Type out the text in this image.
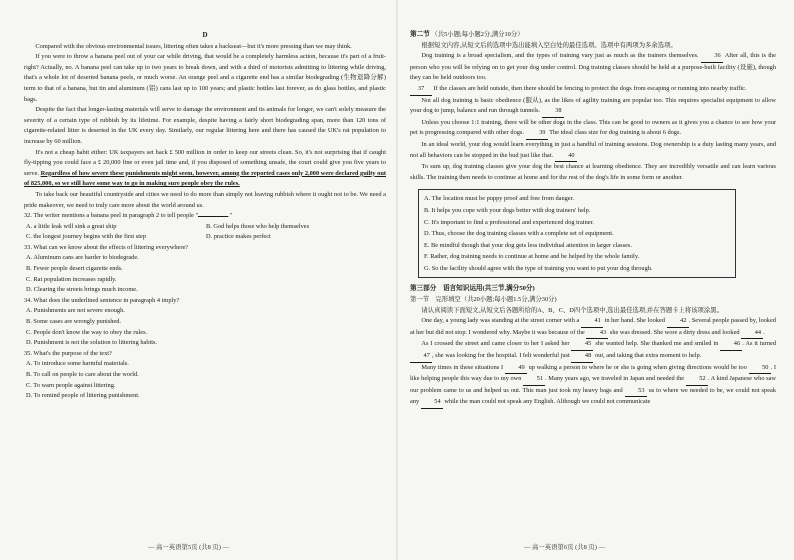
D

Compared with the obvious environmental issues, littering often takes a backseat—but it's more pressing than we may think.

If you were to throw a banana peel out of your car while driving, that would be a completely harmless action, because it's part of a fruit-right? Actually, no. A banana peel can take up to two years to break down, and with a third of motorists admitting to littering while driving, that's a whole lot of deserted banana peels, or much worse. An orange peel and a cigarette end has a similar biodegrading (生物退降分解) term to that of a banana, but tin and aluminum (铝) cans last up to 100 years; and plastic bottles last forever, as do glass bottles, and plastic bags.

Despite the fact that longer-lasting materials will serve to damage the environment and its animals for longer, we can't solely measure the severity of a certain type of rubbish by its lifetime. For example, despite having a fairly short biodegrading span, more than 120 tons of cigarette-related litter is deserted in the UK every day. Similarly, our regular littering here and there has caused the UK's rat population to increase by 60 million.

It's not a cheap habit either: UK taxpayers set back £ 500 million in order to keep our streets clean. So, it's not surprising that if caught fly-tipping you could face a £ 20,000 fine or even jail time and, if you disposed of something unsafe, the court could give you five years to serve. Regardless of how severe these punishments might seem, however, among the reported cases only 2,000 were declared guilty out of 825,000, so we still have some way to go in making sure people obey the rules.

To take back our beautiful countryside and cities we need to do more than simply not leaving rubbish where it ought not to be. We need a pride makeover, we need to truly care more about the world around us.

32. The writer mentions a banana peel in paragraph 2 to tell people "	."
A. a little leak will sink a great ship	B. God helps those who help themselves
C. the longest journey begins with the first step	D. practice makes perfect
33. What can we know about the effects of littering everywhere?
A. Aluminum cans are harder to biodegrade.
B. Fewer people desert cigarette ends.
C. Rat population increases rapidly.
D. Clearing the streets brings much income.
34. What does the underlined sentence in paragraph 4 imply?
A. Punishments are not severe enough.
B. Some cases are wrongly punished.
C. People don't know the way to obey the rules.
D. Punishment is not the solution to littering habits.
35. What's the purpose of the text?
A. To introduce some harmful materials.
B. To call on people to care about the world.
C. To warn people against littering.
D. To remind people of littering punishment.
— 高一英语第5页 (共8 页) —

第二节 （共5小题;每小题2分,满分10分）

根据短文内容,从短文后的选项中选出能填入空白处的最佳选项。选项中有两项为多余选项。

Dog training is a broad specialism, and the types of training vary just as much as the trainers themselves. 36 After all, this is the person who you will be relying on to get your dog under control. Dog training classes should be held at a purpose-built facility (设施), though they can be held outdoors too.

37 If the classes are held outside, then there should be fencing to protect the dogs from escaping or running into nearby traffic.

Not all dog training is basic obedience (服从), as the likes of agility training are popular too. This requires specialist equipment to allow your dog to jump, balance and run through tunnels. 38

Unless you choose 1:1 training, there will be other dogs in the class. This can be good to owners as it gives you a chance to see how your pet is progressing compared with other dogs. 39 The ideal class size for dog training is about 6 dogs.

In an ideal world, your dog would learn everything in just a handful of training sessions. Dog ownership is a duty lasting many years, and not all behaviors can be stopped in the bud just like that. 40

To sum up, dog training classes give your dog the best chance at learning obedience. They are incredibly versatile and can learn various skills. The training then needs to continue at home and for the rest of the dog's life in some form or another.

A. The location must be puppy proof and free from danger.
B. It helps you cope with your dogs better with dog trainers' help.
C. It's important to find a professional and experienced dog trainer.
D. Thus, choose the dog training classes with a complete set of equipment.
E. Be mindful though that your dog gets less individual attention in larger classes.
F. Rather, dog training needs to continue at home and be helped by the whole family.
G. So the facility should agree with the type of training you want to put your dog through.

第三部分　语言知识运用(共三节,满分50分)

第一节　完形填空（共20小题;每小题1.5分,满分30分)

请认真阅读下面短文,从短文后各题所给的A、B、C、D四个选项中,选出最佳选项,并在答题卡上将该项涂黑。

One day, a young lady was standing at the street corner with a 41 in her hand. She looked 42 . Several people passed by, looked at her but did not stop. I wondered why. Maybe it was because of the 43 she was dressed. She wore a dirty dress and looked 44 .

As I crossed the street and came closer to her I asked her 45 she wanted help. She thanked me and smiled in 46 . As it turned 47 , she was looking for the hospital. I felt wonderful just 48 out, and taking that extra moment to help.

Many times in these situations I 49 up walking a person to where he or she is going when giving directions would be too 50 . I like helping people this way due to my own 51 . Many years ago, we traveled in Japan and needed the 52 . A kind Japanese who saw our problem came to us and helped us out. This man just took my heavy bags and 53 us to where we needed to be, we could not speak any 54 while the man could not speak any English. Although we could not communicate

— 高一英语第6页 (共8 页) —
